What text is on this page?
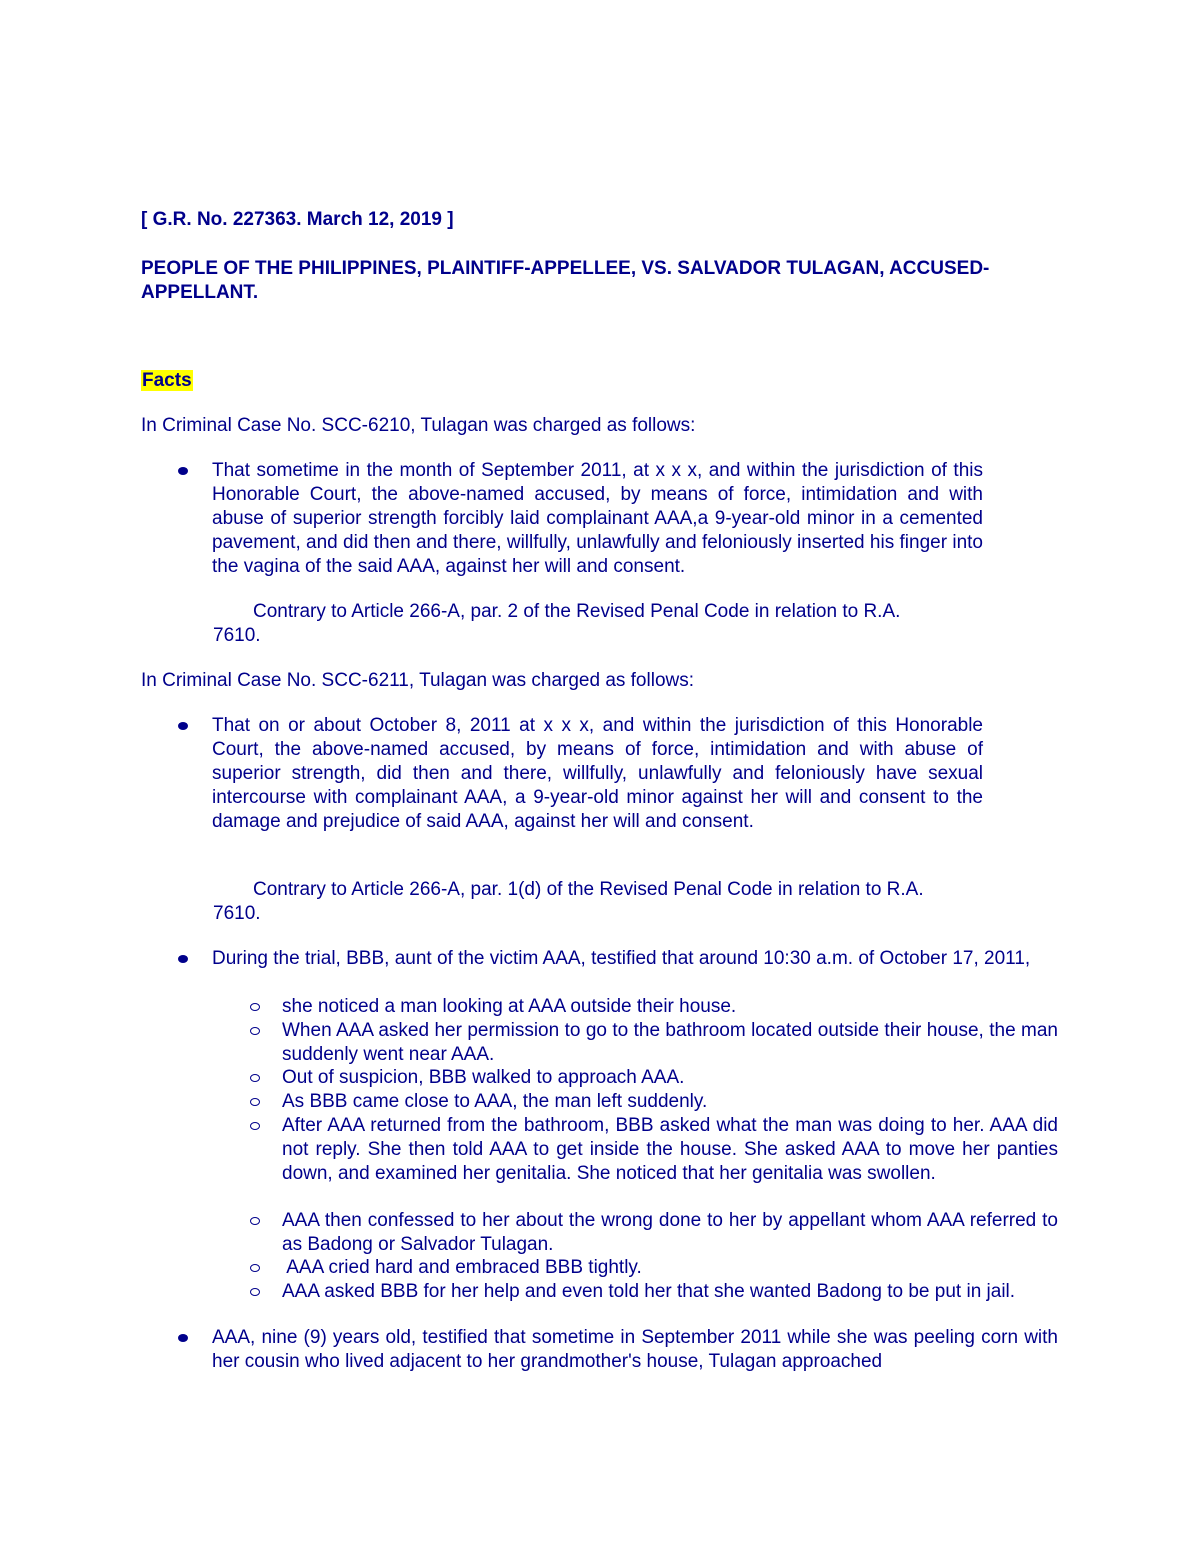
[ G.R. No. 227363. March 12, 2019 ]

PEOPLE OF THE PHILIPPINES, PLAINTIFF-APPELLEE, VS. SALVADOR TULAGAN, ACCUSED-APPELLANT.

Facts

In Criminal Case No. SCC-6210, Tulagan was charged as follows:

That sometime in the month of September 2011, at x x x, and within the jurisdiction of this Honorable Court, the above-named accused, by means of force, intimidation and with abuse of superior strength forcibly laid complainant AAA,a 9-year-old minor in a cemented pavement, and did then and there, willfully, unlawfully and feloniously inserted his finger into the vagina of the said AAA, against her will and consent.

Contrary to Article 266-A, par. 2 of the Revised Penal Code in relation to R.A.
7610.

In Criminal Case No. SCC-6211, Tulagan was charged as follows:

That on or about October 8, 2011 at x x x, and within the jurisdiction of this Honorable Court, the above-named accused, by means of force, intimidation and with abuse of superior strength, did then and there, willfully, unlawfully and feloniously have sexual intercourse with complainant AAA, a 9-year-old minor against her will and consent to the damage and prejudice of said AAA, against her will and consent.

Contrary to Article 266-A, par. 1(d) of the Revised Penal Code in relation to R.A.
7610.

During the trial, BBB, aunt of the victim AAA, testified that around 10:30 a.m. of October 17, 2011,

she noticed a man looking at AAA outside their house.

When AAA asked her permission to go to the bathroom located outside their house, the man suddenly went near AAA.

Out of suspicion, BBB walked to approach AAA.

As BBB came close to AAA, the man left suddenly.

After AAA returned from the bathroom, BBB asked what the man was doing to her. AAA did not reply. She then told AAA to get inside the house. She asked AAA to move her panties down, and examined her genitalia. She noticed that her genitalia was swollen.

AAA then confessed to her about the wrong done to her by appellant whom AAA referred to as Badong or Salvador Tulagan.

AAA cried hard and embraced BBB tightly.

AAA asked BBB for her help and even told her that she wanted Badong to be put in jail.

AAA, nine (9) years old, testified that sometime in September 2011 while she was peeling corn with her cousin who lived adjacent to her grandmother's house, Tulagan approached
